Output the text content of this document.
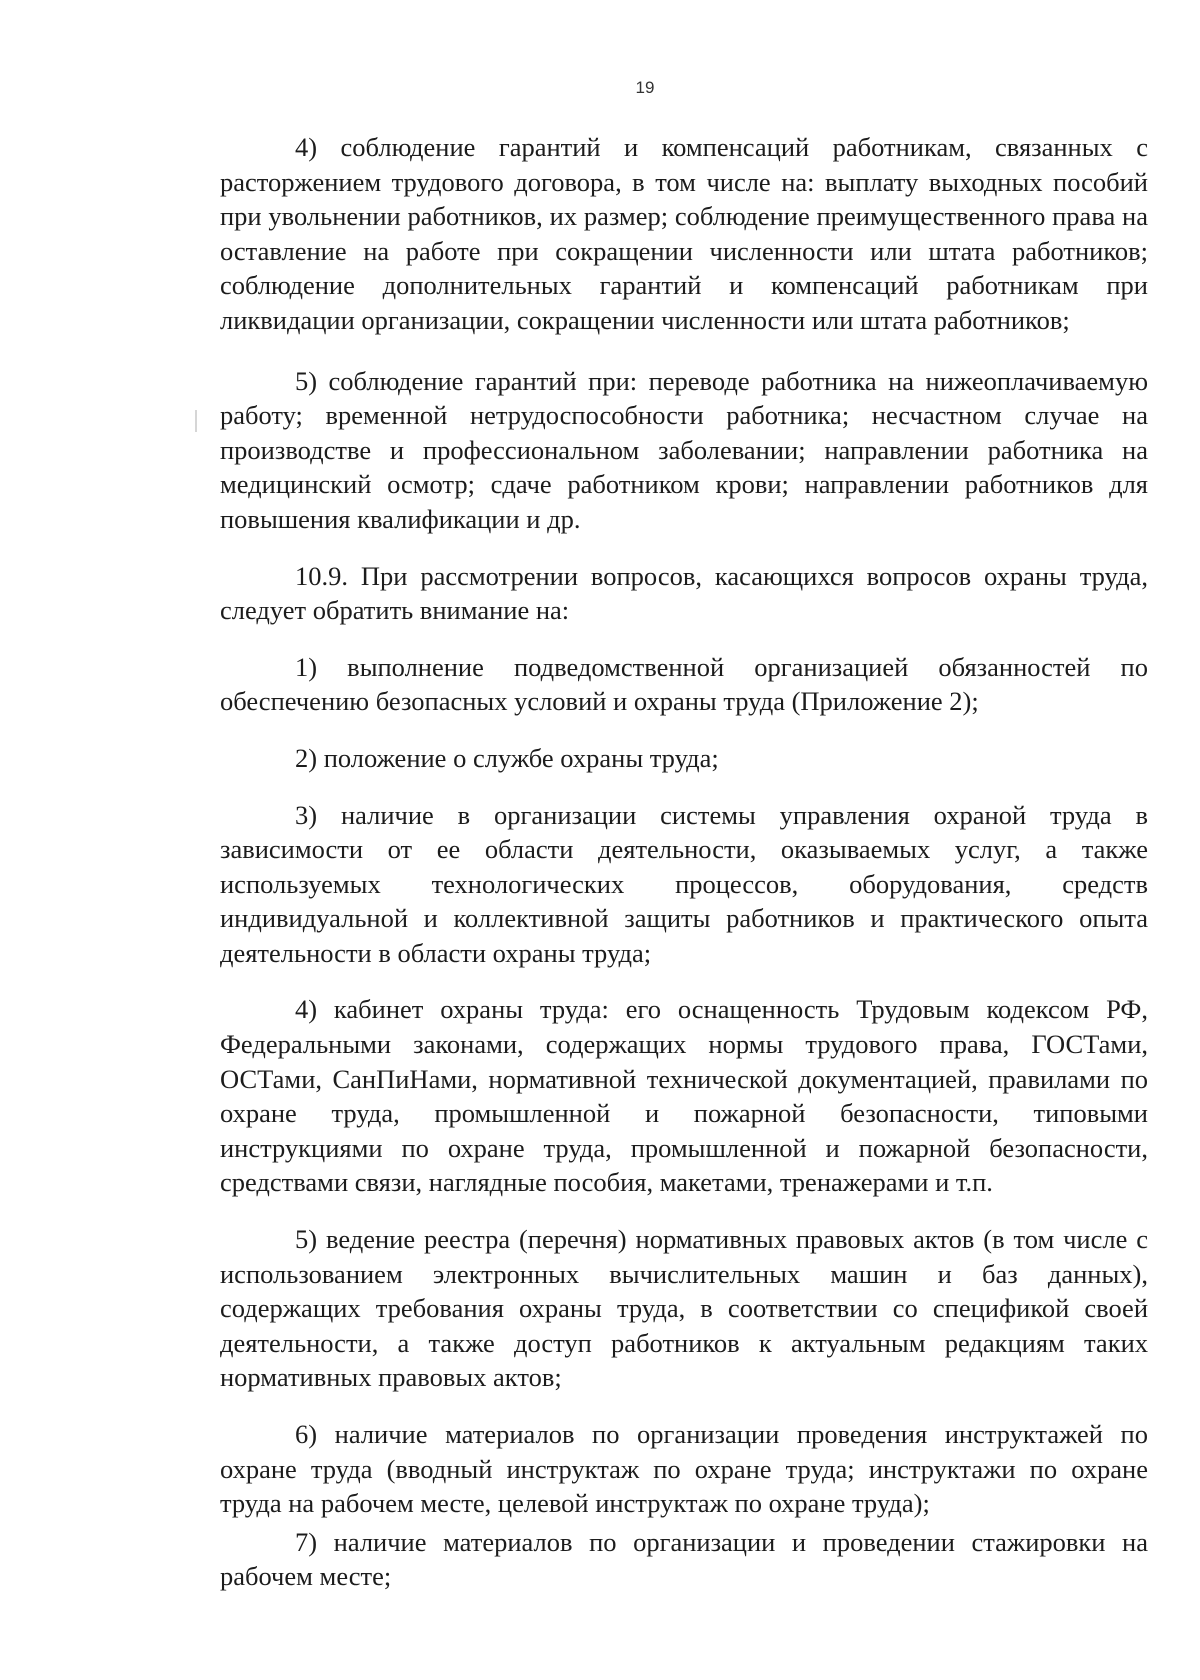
19

4) соблюдение гарантий и компенсаций работникам, связанных с расторжением трудового договора, в том числе на: выплату выходных пособий при увольнении работников, их размер; соблюдение преимущественного права на оставление на работе при сокращении численности или штата работников; соблюдение дополнительных гарантий и компенсаций работникам при ликвидации организации, сокращении численности или штата работников;

5) соблюдение гарантий при: переводе работника на нижеоплачиваемую работу; временной нетрудоспособности работника; несчастном случае на производстве и профессиональном заболевании; направлении работника на медицинский осмотр; сдаче работником крови; направлении работников для повышения квалификации и др.

10.9. При рассмотрении вопросов, касающихся вопросов охраны труда, следует обратить внимание на:

1) выполнение подведомственной организацией обязанностей по обеспечению безопасных условий и охраны труда (Приложение 2);

2) положение о службе охраны труда;

3) наличие в организации системы управления охраной труда в зависимости от ее области деятельности, оказываемых услуг, а также используемых технологических процессов, оборудования, средств индивидуальной и коллективной защиты работников и практического опыта деятельности в области охраны труда;

4) кабинет охраны труда: его оснащенность Трудовым кодексом РФ, Федеральными законами, содержащих нормы трудового права, ГОСТами, ОСТами, СанПиНами, нормативной технической документацией, правилами по охране труда, промышленной и пожарной безопасности, типовыми инструкциями по охране труда, промышленной и пожарной безопасности, средствами связи, наглядные пособия, макетами, тренажерами и т.п.

5) ведение реестра (перечня) нормативных правовых актов (в том числе с использованием электронных вычислительных машин и баз данных), содержащих требования охраны труда, в соответствии со спецификой своей деятельности, а также доступ работников к актуальным редакциям таких нормативных правовых актов;

6) наличие материалов по организации проведения инструктажей по охране труда (вводный инструктаж по охране труда; инструктажи по охране труда на рабочем месте, целевой инструктаж по охране труда);

7) наличие материалов по организации и проведении стажировки на рабочем месте;
